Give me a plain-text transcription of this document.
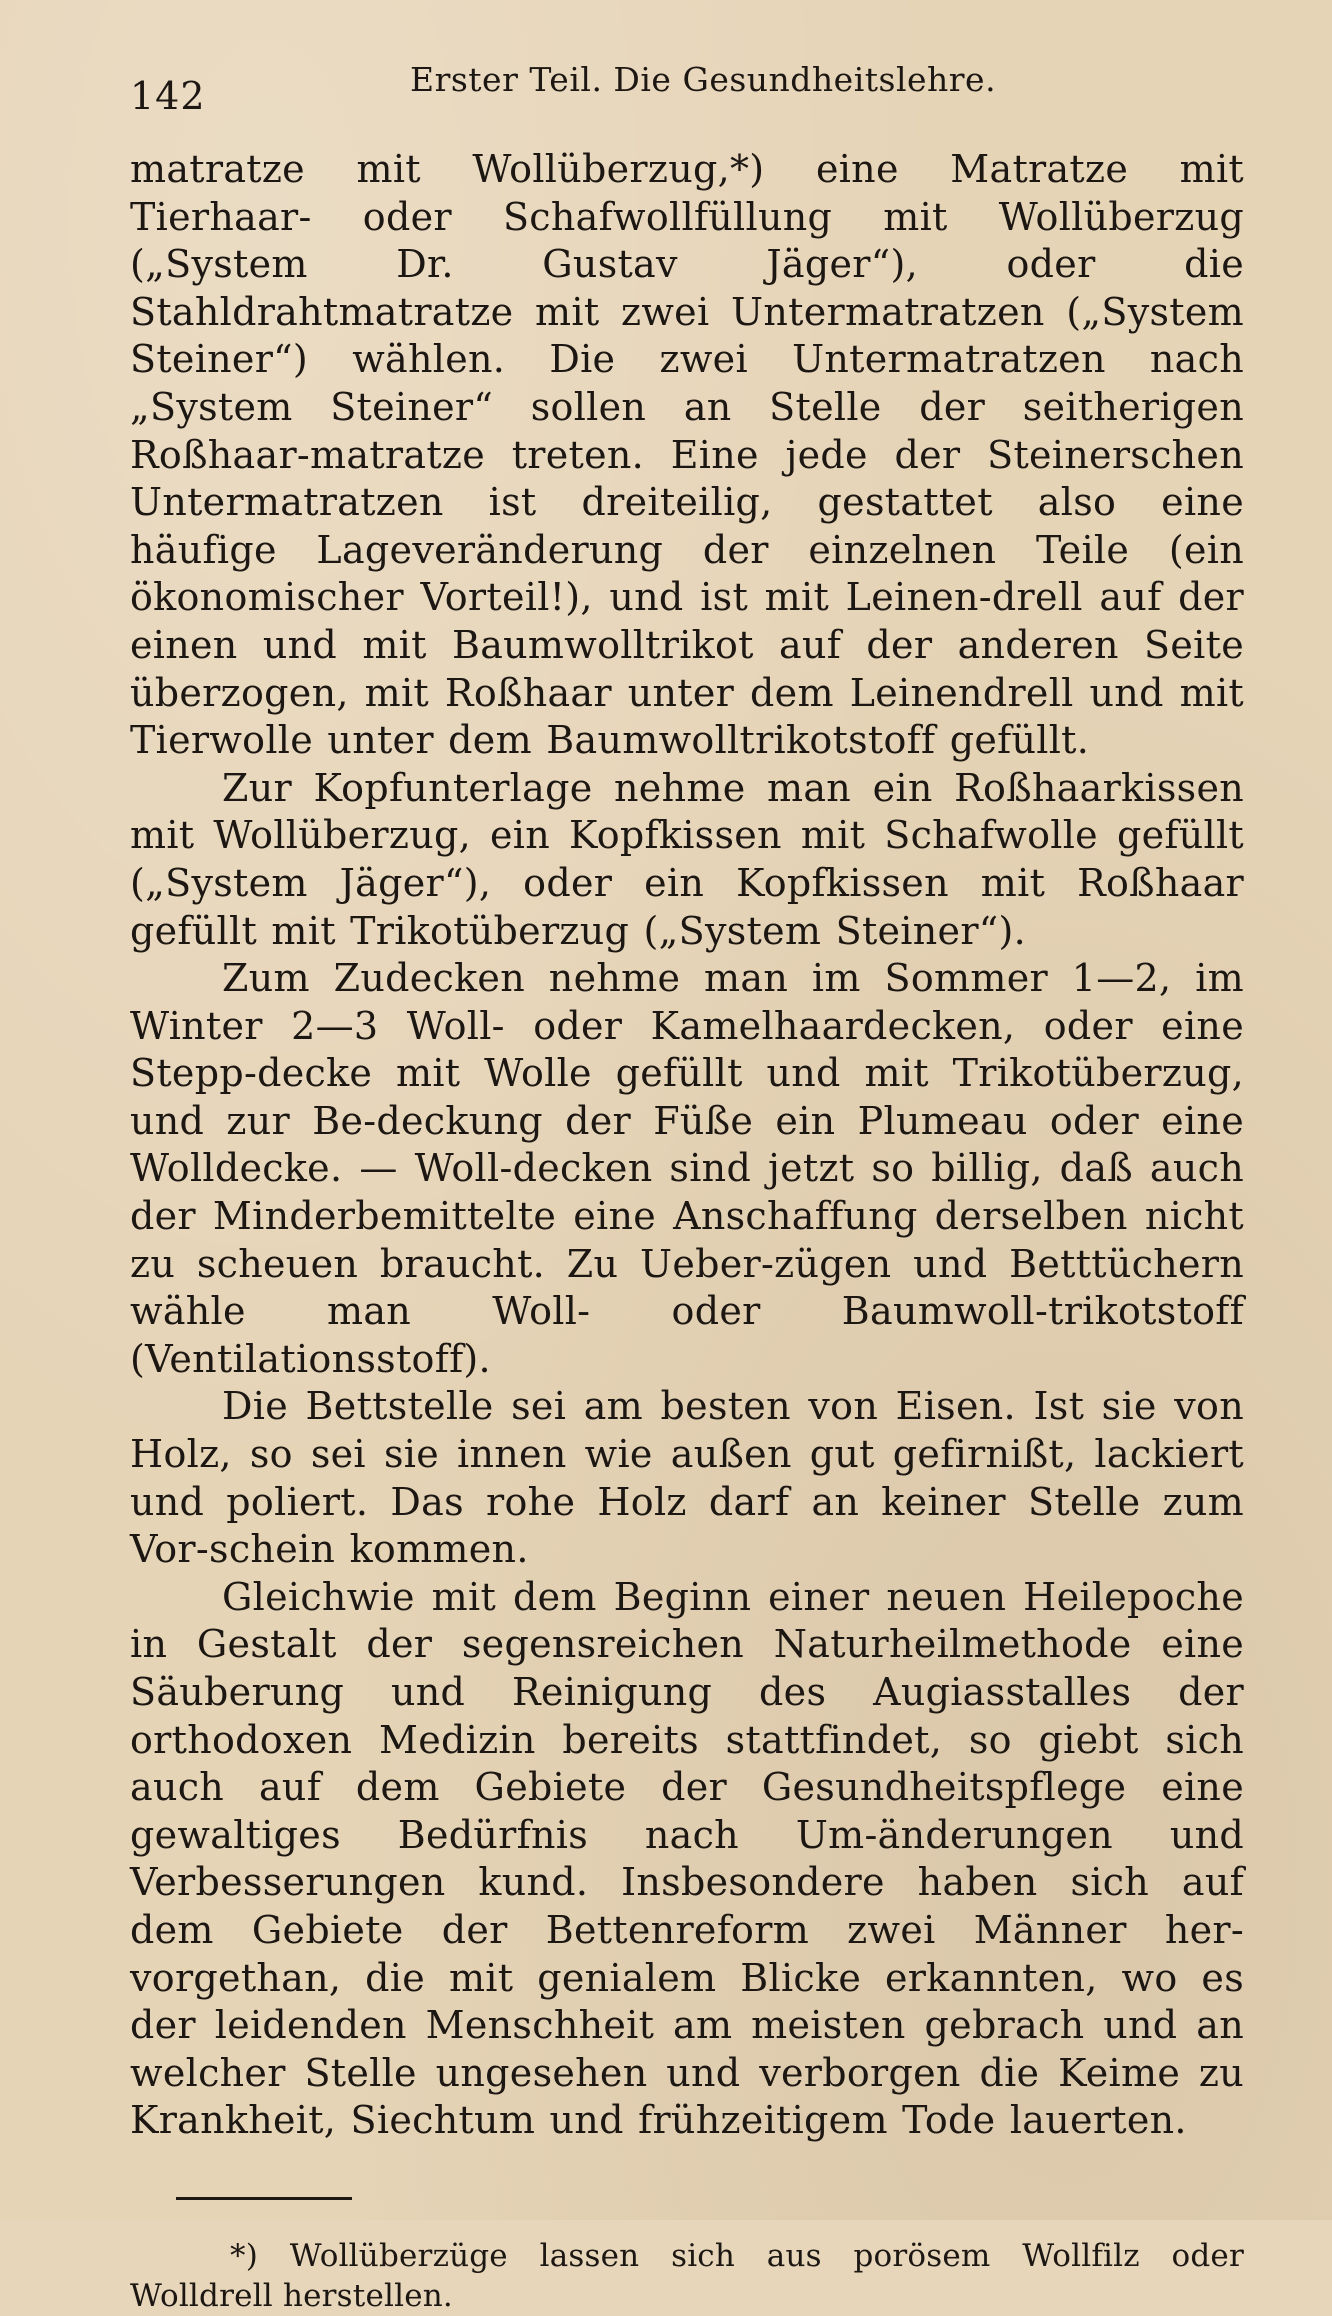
142	Erster Teil. Die Gesundheitslehre.

matratze mit Wollüberzug,*) eine Matratze mit Tierhaar- oder Schafwollfüllung mit Wollüberzug („System Dr. Gustav Jäger“), oder die Stahldrahtmatratze mit zwei Untermatratzen („System Steiner“) wählen. Die zwei Untermatratzen nach „System Steiner“ sollen an Stelle der seitherigen Roßhaar-matratze treten. Eine jede der Steinerschen Untermatratzen ist dreiteilig, gestattet also eine häufige Lageveränderung der einzelnen Teile (ein ökonomischer Vorteil!), und ist mit Leinen-drell auf der einen und mit Baumwolltrikot auf der anderen Seite überzogen, mit Roßhaar unter dem Leinendrell und mit Tierwolle unter dem Baumwolltrikotstoff gefüllt.

Zur Kopfunterlage nehme man ein Roßhaarkissen mit Wollüberzug, ein Kopfkissen mit Schafwolle gefüllt („System Jäger“), oder ein Kopfkissen mit Roßhaar gefüllt mit Trikotüberzug („System Steiner“).

Zum Zudecken nehme man im Sommer 1—2, im Winter 2—3 Woll- oder Kamelhaardecken, oder eine Stepp-decke mit Wolle gefüllt und mit Trikotüberzug, und zur Be-deckung der Füße ein Plumeau oder eine Wolldecke. — Woll-decken sind jetzt so billig, daß auch der Minderbemittelte eine Anschaffung derselben nicht zu scheuen braucht. Zu Ueber-zügen und Betttüchern wähle man Woll- oder Baumwoll-trikotstoff (Ventilationsstoff).

Die Bettstelle sei am besten von Eisen. Ist sie von Holz, so sei sie innen wie außen gut gefirnißt, lackiert und poliert. Das rohe Holz darf an keiner Stelle zum Vor-schein kommen.

Gleichwie mit dem Beginn einer neuen Heilepoche in Gestalt der segensreichen Naturheilmethode eine Säuberung und Reinigung des Augiasstalles der orthodoxen Medizin bereits stattfindet, so giebt sich auch auf dem Gebiete der Gesundheitspflege eine gewaltiges Bedürfnis nach Um-änderungen und Verbesserungen kund. Insbesondere haben sich auf dem Gebiete der Bettenreform zwei Männer her-vorgethan, die mit genialem Blicke erkannten, wo es der leidenden Menschheit am meisten gebrach und an welcher Stelle ungesehen und verborgen die Keime zu Krankheit, Siechtum und frühzeitigem Tode lauerten.

*) Wollüberzüge lassen sich aus porösem Wollfilz oder Wolldrell herstellen.
